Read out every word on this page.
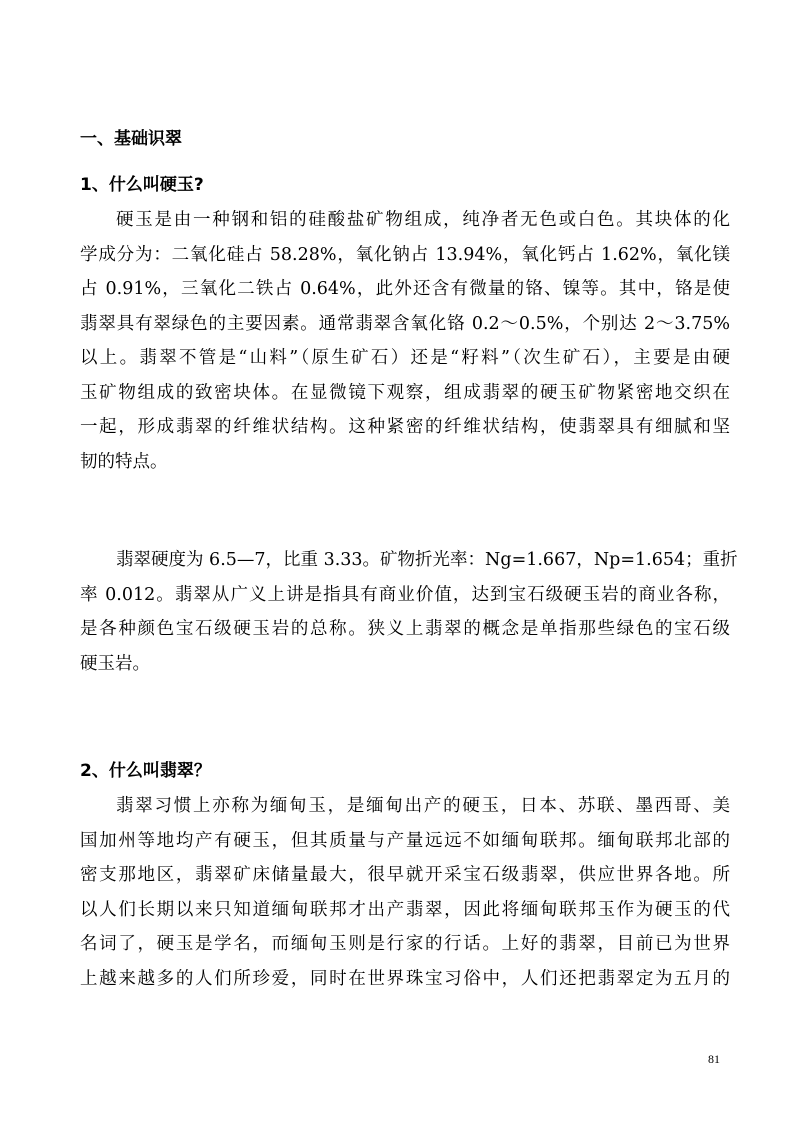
一、基础识翠
1、什么叫硬玉?
硬玉是由一种钢和铝的硅酸盐矿物组成，纯净者无色或白色。其块体的化
学成分为：二氧化硅占 58.28%，氧化钠占 13.94%，氧化钙占 1.62%，氧化镁
占 0.91%，三氧化二铁占 0.64%，此外还含有微量的铬、镍等。其中，铬是使
翡翠具有翠绿色的主要因素。通常翡翠含氧化铬 0.2～0.5%，个别达 2～3.75%
以上。翡翠不管是“山料”（原生矿石）还是“籽料”（次生矿石），主要是由硬
玉矿物组成的致密块体。在显微镜下观察，组成翡翠的硬玉矿物紧密地交织在
一起，形成翡翠的纤维状结构。这种紧密的纤维状结构，使翡翠具有细腻和坚
韧的特点。
翡翠硬度为 6.5—7，比重 3.33。矿物折光率：Ng=1.667，Np=1.654；重折
率 0.012。翡翠从广义上讲是指具有商业价值，达到宝石级硬玉岩的商业各称，
是各种颜色宝石级硬玉岩的总称。狭义上翡翠的概念是单指那些绿色的宝石级
硬玉岩。
2、什么叫翡翠？
翡翠习惯上亦称为缅甸玉，是缅甸出产的硬玉，日本、苏联、墨西哥、美
国加州等地均产有硬玉，但其质量与产量远远不如缅甸联邦。缅甸联邦北部的
密支那地区，翡翠矿床储量最大，很早就开采宝石级翡翠，供应世界各地。所
以人们长期以来只知道缅甸联邦才出产翡翠，因此将缅甸联邦玉作为硬玉的代
名词了，硬玉是学名，而缅甸玉则是行家的行话。上好的翡翠，目前已为世界
上越来越多的人们所珍爱，同时在世界珠宝习俗中，人们还把翡翠定为五月的
81
